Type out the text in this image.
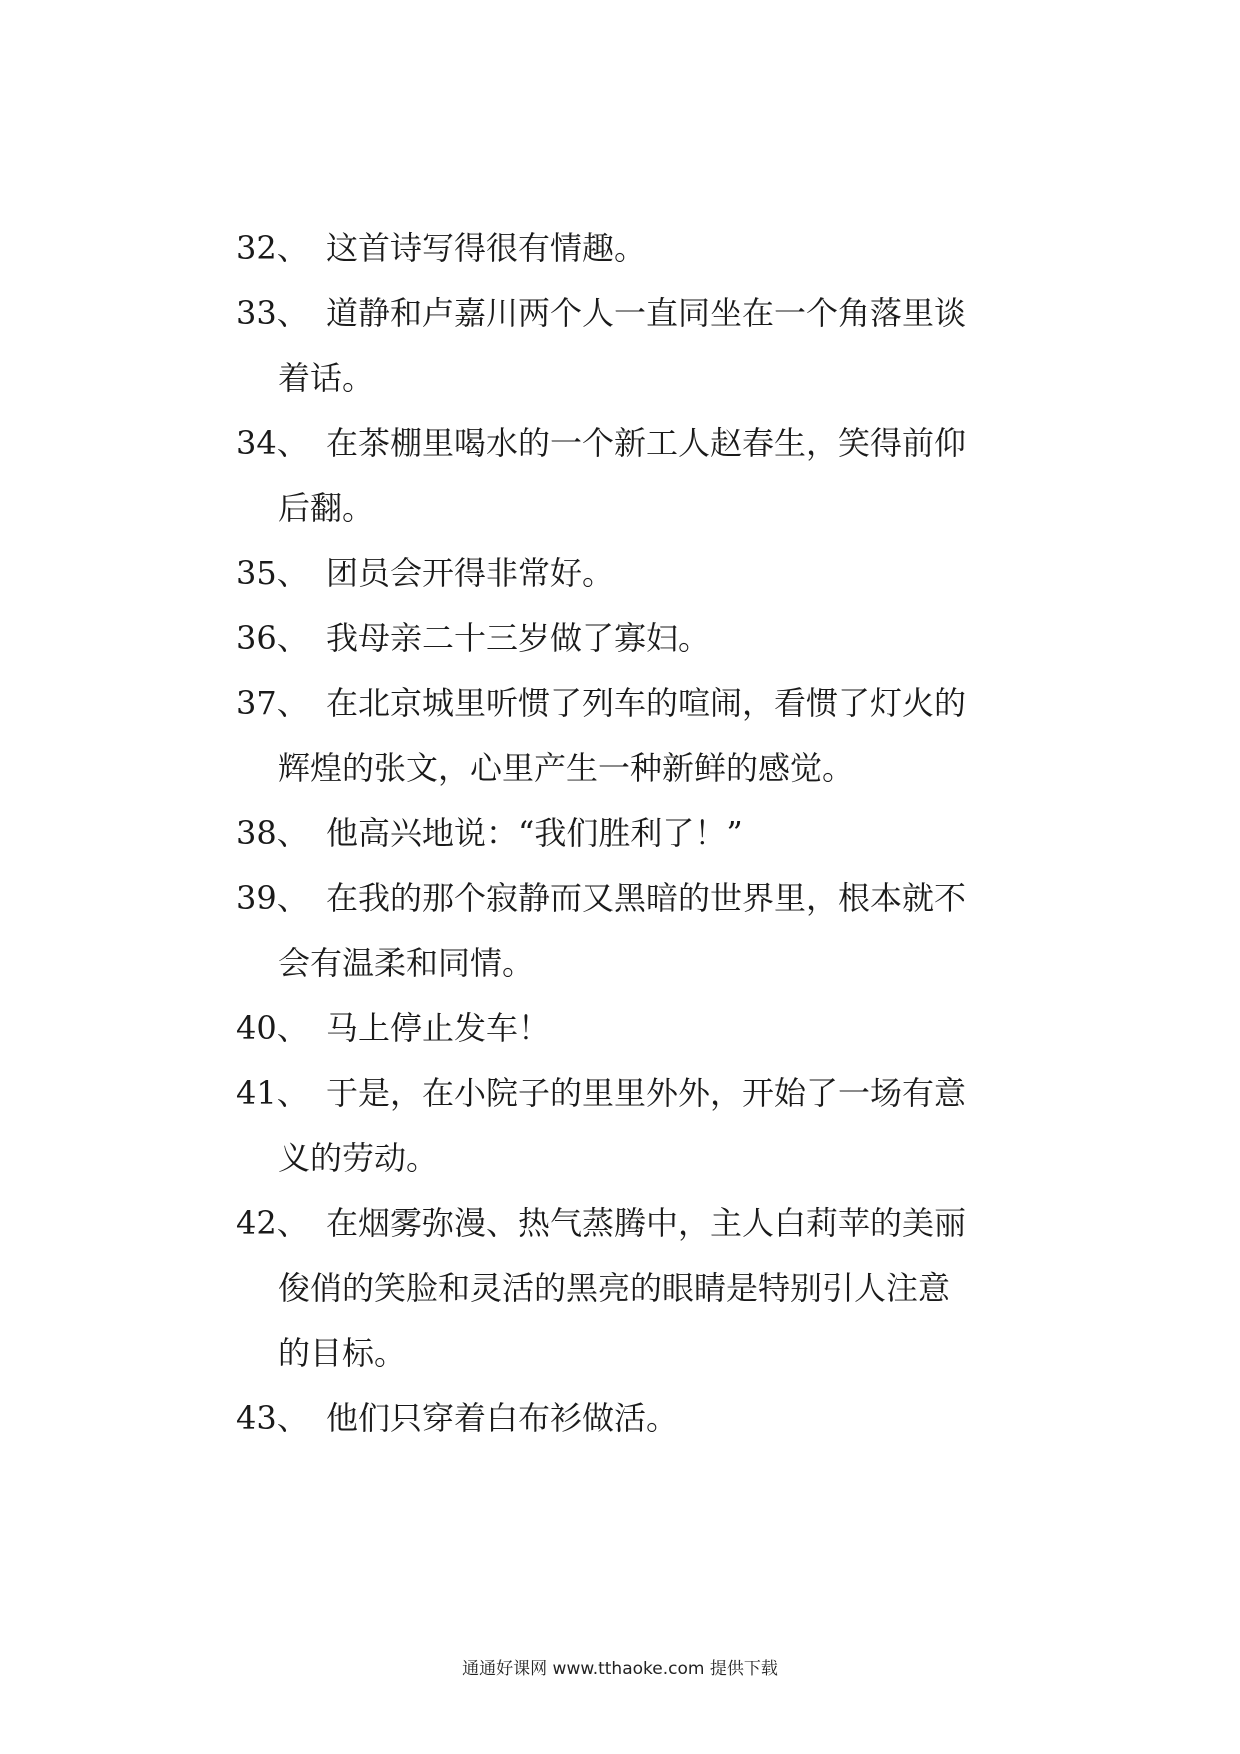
32、 这首诗写得很有情趣。
33、 道静和卢嘉川两个人一直同坐在一个角落里谈
着话。
34、 在茶棚里喝水的一个新工人赵春生，笑得前仰
后翻。
35、 团员会开得非常好。
36、 我母亲二十三岁做了寡妇。
37、 在北京城里听惯了列车的喧闹，看惯了灯火的
辉煌的张文，心里产生一种新鲜的感觉。
38、 他高兴地说：“我们胜利了！”
39、 在我的那个寂静而又黑暗的世界里，根本就不
会有温柔和同情。
40、 马上停止发车！
41、 于是，在小院子的里里外外，开始了一场有意
义的劳动。
42、 在烟雾弥漫、热气蒸腾中，主人白莉苹的美丽
俊俏的笑脸和灵活的黑亮的眼睛是特别引人注意
的目标。
43、 他们只穿着白布衫做活。
通通好课网 www.tthaoke.com 提供下载
